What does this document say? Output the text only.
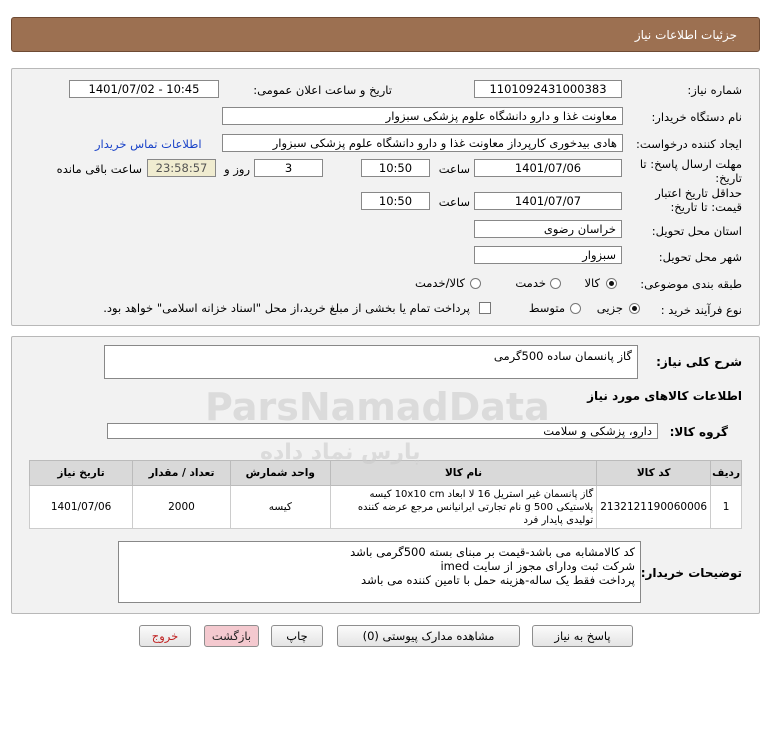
جزئیات اطلاعات نیاز
شماره نیاز:
1101092431000383
تاریخ و ساعت اعلان عمومی:
1401/07/02 - 10:45
نام دستگاه خریدار:
معاونت غذا و دارو دانشگاه علوم پزشکی سبزوار
ایجاد کننده درخواست:
هادی بیدخوری کارپرداز معاونت غذا و دارو دانشگاه علوم پزشکی سبزوار
اطلاعات تماس خریدار
مهلت ارسال پاسخ: تا
تاریخ:
1401/07/06
ساعت
10:50
3
روز و
23:58:57
ساعت باقی مانده
حداقل تاریخ اعتبار
قیمت: تا تاریخ:
1401/07/07
ساعت
10:50
استان محل تحویل:
خراسان رضوی
شهر محل تحویل:
سبزوار
طبقه بندی موضوعی:
کالا
خدمت
کالا/خدمت
نوع فرآیند خرید :
جزیی
متوسط
پرداخت تمام یا بخشی از مبلغ خرید،از محل "اسناد خزانه اسلامی" خواهد بود.
شرح کلی نیاز:
گاز پانسمان ساده 500گرمی
اطلاعات کالاهای مورد نیاز
گروه کالا:
دارو، پزشکی و سلامت
ردیف	کد کالا	نام کالا	واحد شمارش	تعداد / مقدار	تاریخ نیاز
1	2132121190060006	گاز پانسمان غیر استریل 16 لا ابعاد 10x10 cm کیسه
پلاستیکی 500 g نام تجارتی ایرانیانس مرجع عرضه کننده
تولیدی پایدار فرد	کیسه	2000	1401/07/06
توضیحات خریدار:
کد کالامشابه می باشد-قیمت بر مبنای بسته 500گرمی باشد
شرکت ثبت ودارای مجوز از سایت imed
پرداخت فقط یک ساله-هزینه حمل با تامین کننده می باشد
ParsNamadData
پارس نماد داده
پاسخ به نیاز
مشاهده مدارک پیوستی (0)
چاپ
بازگشت
خروج
